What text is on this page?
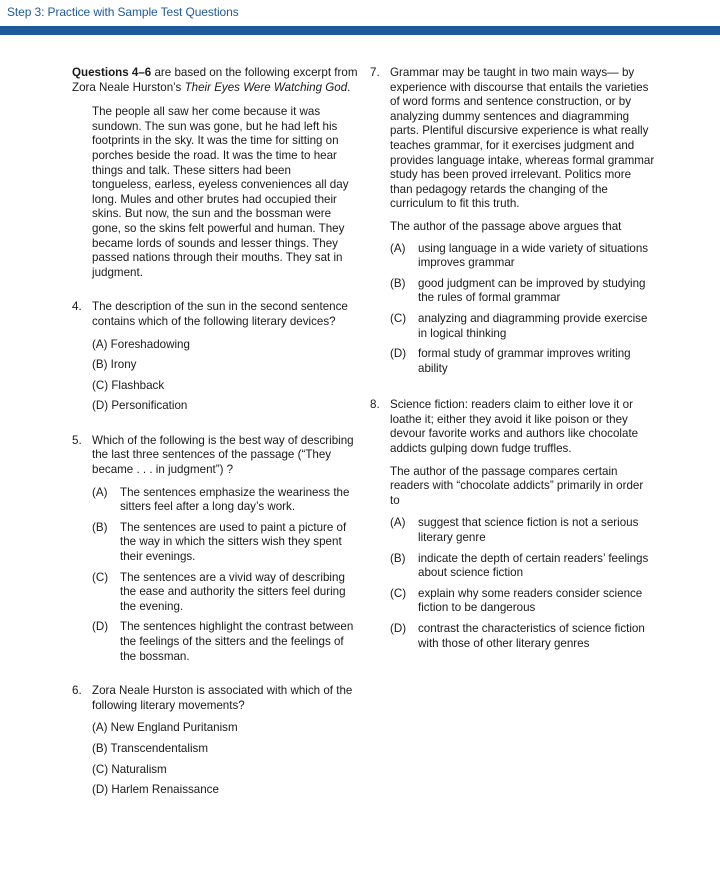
Step 3: Practice with Sample Test Questions

Questions 4–6 are based on the following excerpt from Zora Neale Hurston’s Their Eyes Were Watching God.

The people all saw her come because it was sundown. The sun was gone, but he had left his footprints in the sky. It was the time for sitting on porches beside the road. It was the time to hear things and talk. These sitters had been tongueless, earless, eyeless conveniences all day long. Mules and other brutes had occupied their skins. But now, the sun and the bossman were gone, so the skins felt powerful and human. They became lords of sounds and lesser things. They passed nations through their mouths. They sat in judgment.

4. The description of the sun in the second sentence contains which of the following literary devices?

(A) Foreshadowing

(B) Irony

(C) Flashback

(D) Personification

5. Which of the following is the best way of describing the last three sentences of the passage (“They became . . . in judgment”) ?

(A) The sentences emphasize the weariness the sitters feel after a long day’s work.
(B) The sentences are used to paint a picture of the way in which the sitters wish they spent their evenings.
(C) The sentences are a vivid way of describing the ease and authority the sitters feel during the evening.
(D) The sentences highlight the contrast between the feelings of the sitters and the feelings of the bossman.
6. Zora Neale Hurston is associated with which of the following literary movements?

(A) New England Puritanism

(B) Transcendentalism

(C) Naturalism

(D) Harlem Renaissance

7. Grammar may be taught in two main ways— by experience with discourse that entails the varieties of word forms and sentence construction, or by analyzing dummy sentences and diagramming parts. Plentiful discursive experience is what really teaches grammar, for it exercises judgment and provides language intake, whereas formal grammar study has been proved irrelevant. Politics more than pedagogy retards the changing of the curriculum to fit this truth.

The author of the passage above argues that

(A) using language in a wide variety of situations improves grammar
(B) good judgment can be improved by studying the rules of formal grammar
(C) analyzing and diagramming provide exercise in logical thinking
(D) formal study of grammar improves writing ability
8. Science fiction: readers claim to either love it or loathe it; either they avoid it like poison or they devour favorite works and authors like chocolate addicts gulping down fudge truffles.

The author of the passage compares certain readers with “chocolate addicts” primarily in order to

(A) suggest that science fiction is not a serious literary genre
(B) indicate the depth of certain readers’ feelings about science fiction
(C) explain why some readers consider science fiction to be dangerous
(D) contrast the characteristics of science fiction with those of other literary genres
